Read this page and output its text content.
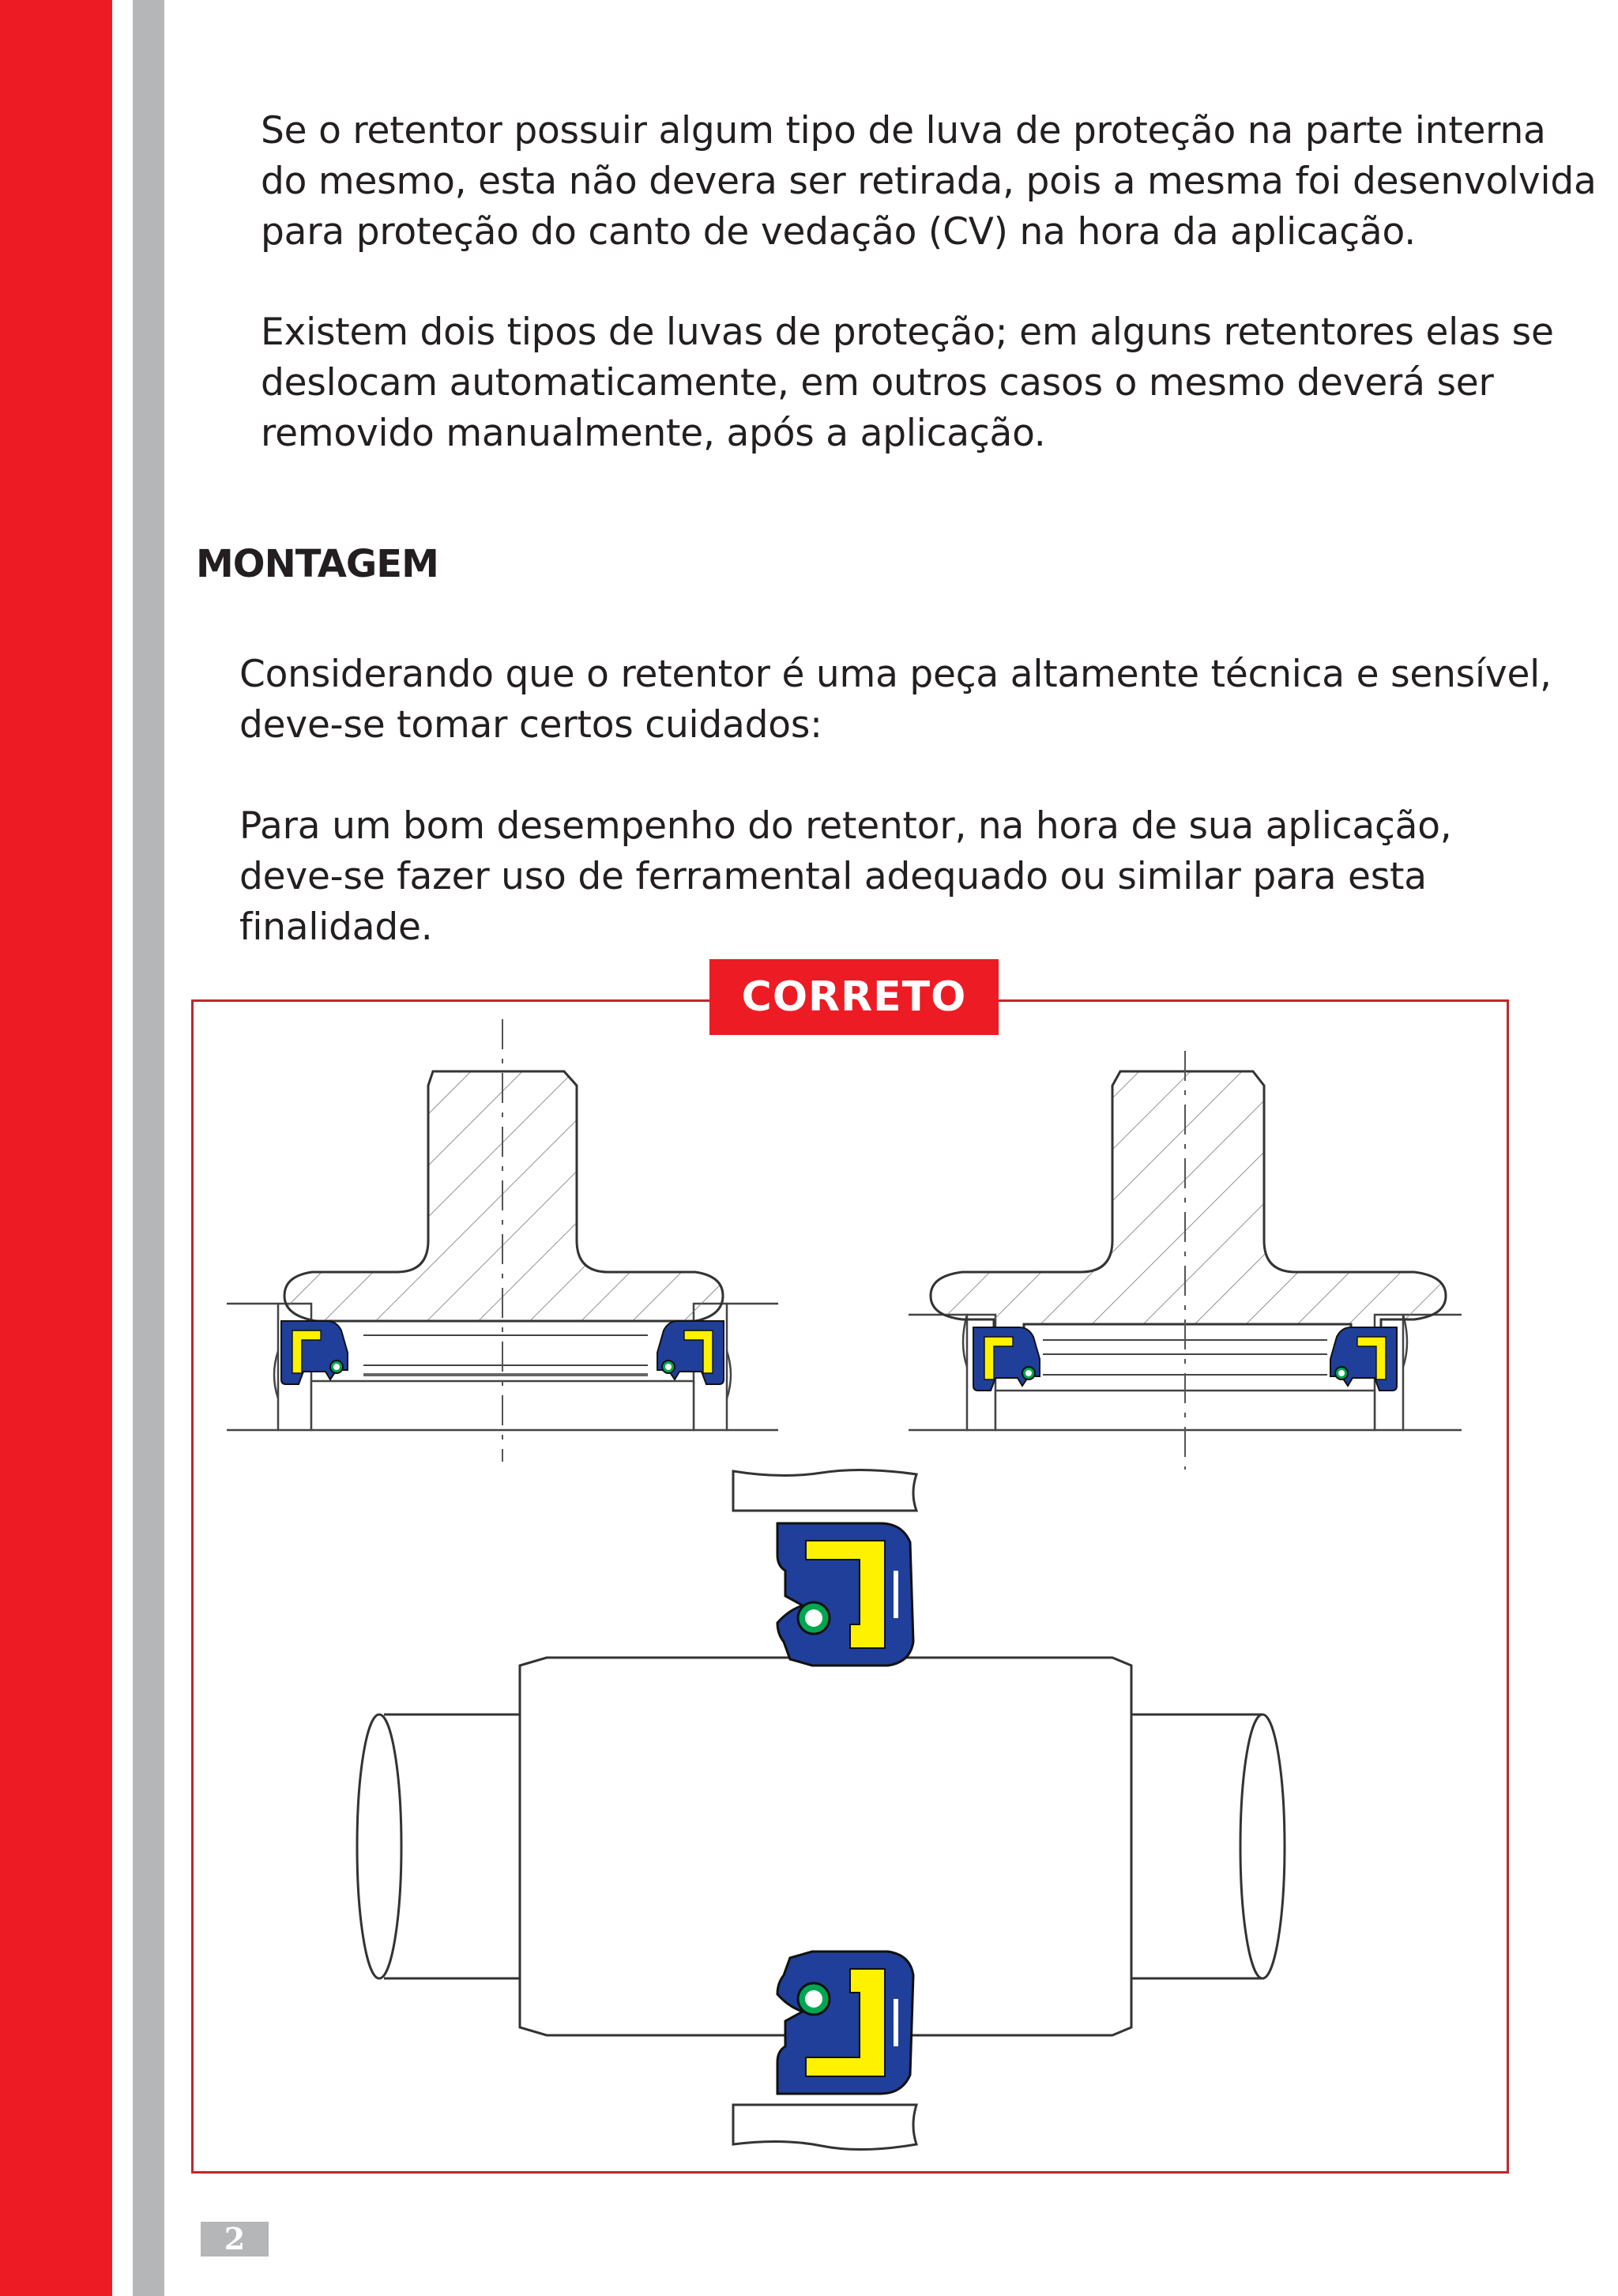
Se o retentor possuir algum tipo de luva de proteção na parte interna
do mesmo, esta não devera ser retirada, pois a mesma foi desenvolvida
para proteção do canto de vedação (CV) na hora da aplicação.

Existem dois tipos de luvas de proteção; em alguns retentores elas se
deslocam automaticamente, em outros casos o mesmo deverá ser
removido manualmente, após a aplicação.

MONTAGEM

Considerando que o retentor é uma peça altamente técnica e sensível,
deve-se tomar certos cuidados:

Para um bom desempenho do retentor, na hora de sua aplicação,
deve-se fazer uso de ferramental adequado ou similar para esta
finalidade.

CORRETO
2
